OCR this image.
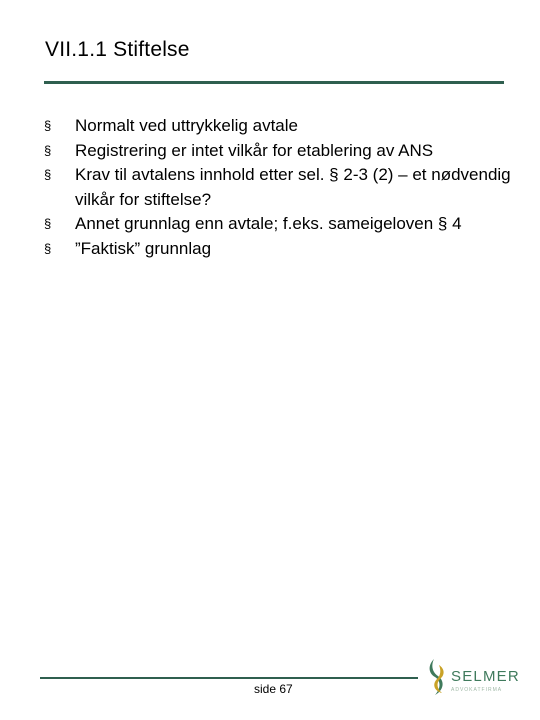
VII.1.1 Stiftelse
§ Normalt ved uttrykkelig avtale
§ Registrering er intet vilkår for etablering av ANS
§ Krav til avtalens innhold etter sel. § 2-3 (2) – et nødvendig vilkår for stiftelse?
§ Annet grunnlag enn avtale; f.eks. sameigeloven § 4
§ ”Faktisk” grunnlag
side 67
SELMER
ADVOKATFIRMA
